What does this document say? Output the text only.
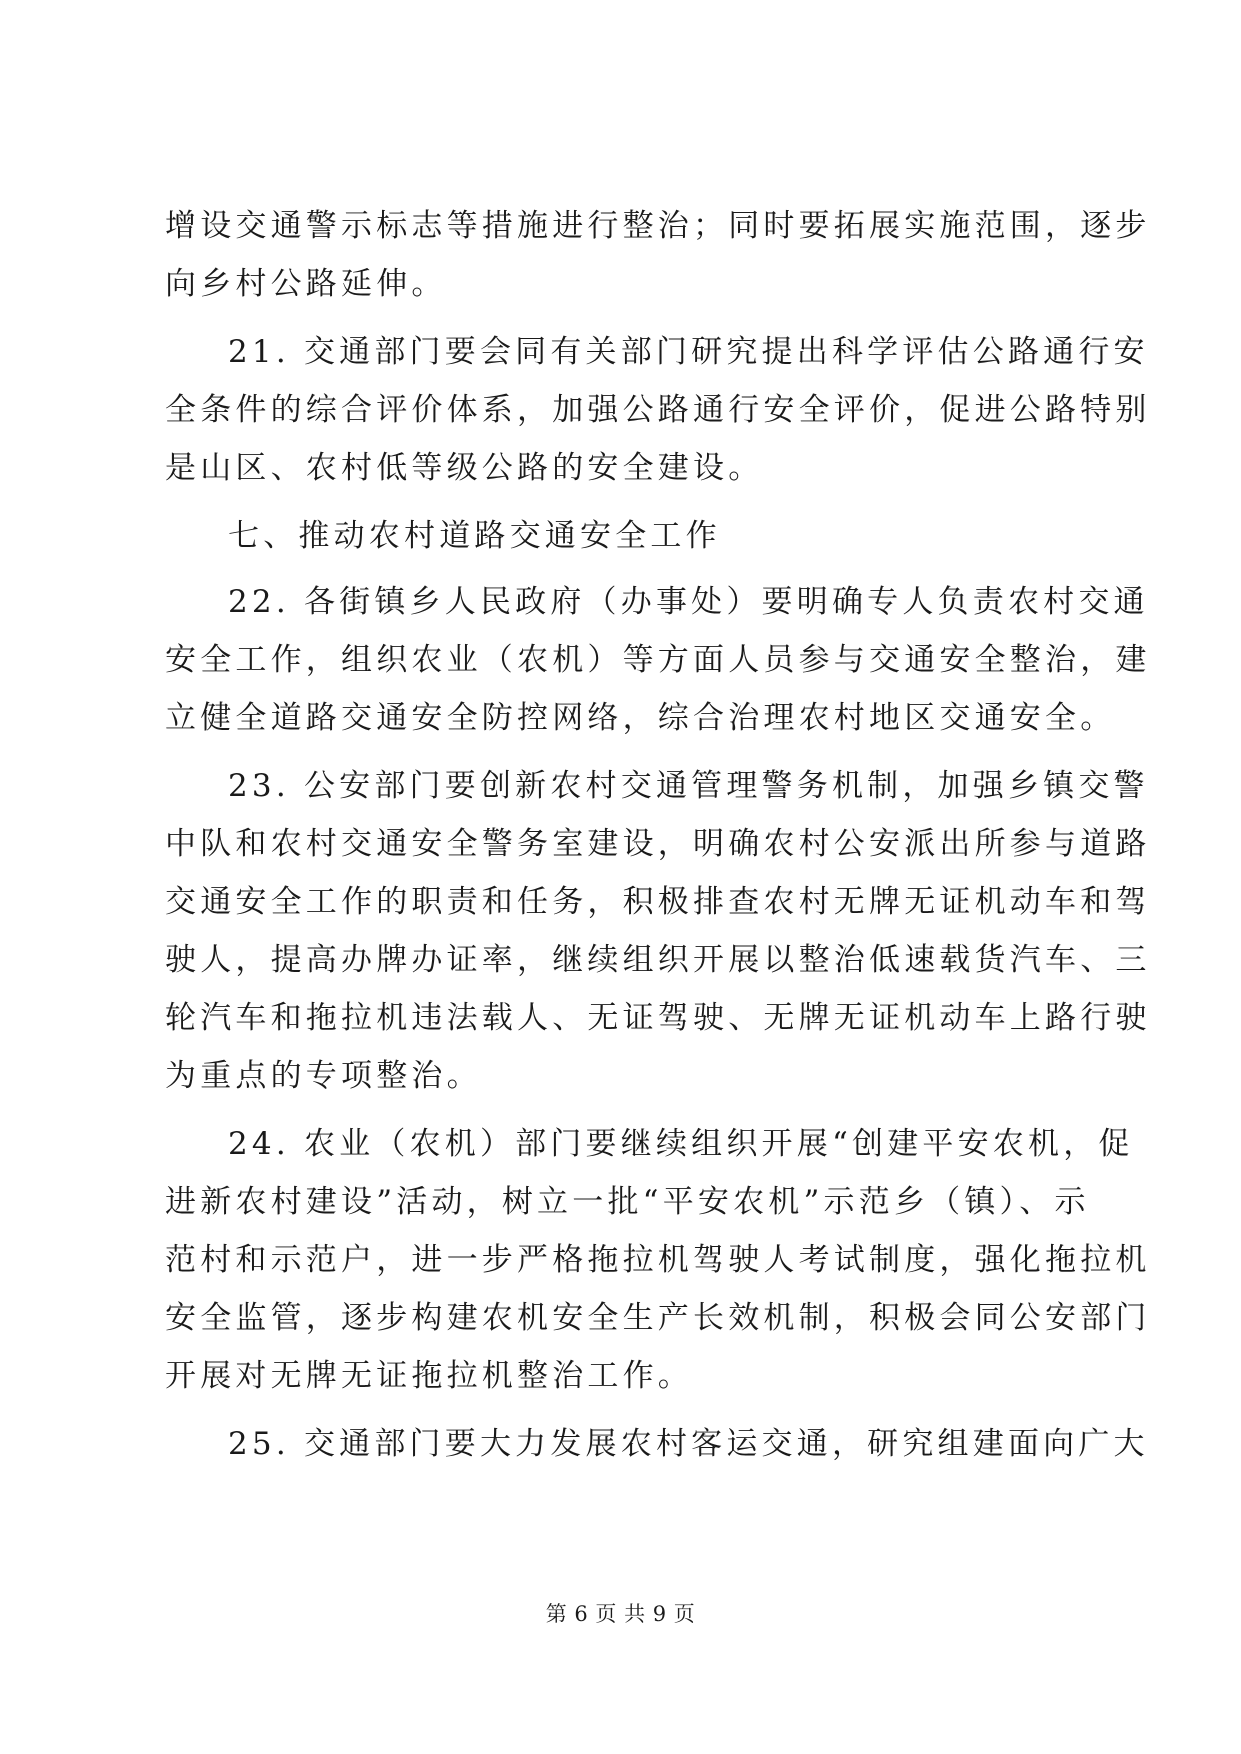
增设交通警示标志等措施进行整治；同时要拓展实施范围，逐步
向乡村公路延伸。
21. 交通部门要会同有关部门研究提出科学评估公路通行安
全条件的综合评价体系，加强公路通行安全评价，促进公路特别
是山区、农村低等级公路的安全建设。
七、推动农村道路交通安全工作
22. 各街镇乡人民政府（办事处）要明确专人负责农村交通
安全工作，组织农业（农机）等方面人员参与交通安全整治，建
立健全道路交通安全防控网络，综合治理农村地区交通安全。
23. 公安部门要创新农村交通管理警务机制，加强乡镇交警
中队和农村交通安全警务室建设，明确农村公安派出所参与道路
交通安全工作的职责和任务，积极排查农村无牌无证机动车和驾
驶人，提高办牌办证率，继续组织开展以整治低速载货汽车、三
轮汽车和拖拉机违法载人、无证驾驶、无牌无证机动车上路行驶
为重点的专项整治。
24. 农业（农机）部门要继续组织开展“创建平安农机，促
进新农村建设”活动，树立一批“平安农机”示范乡（镇）、示
范村和示范户，进一步严格拖拉机驾驶人考试制度，强化拖拉机
安全监管，逐步构建农机安全生产长效机制，积极会同公安部门
开展对无牌无证拖拉机整治工作。
25. 交通部门要大力发展农村客运交通，研究组建面向广大
第 6 页 共 9 页
